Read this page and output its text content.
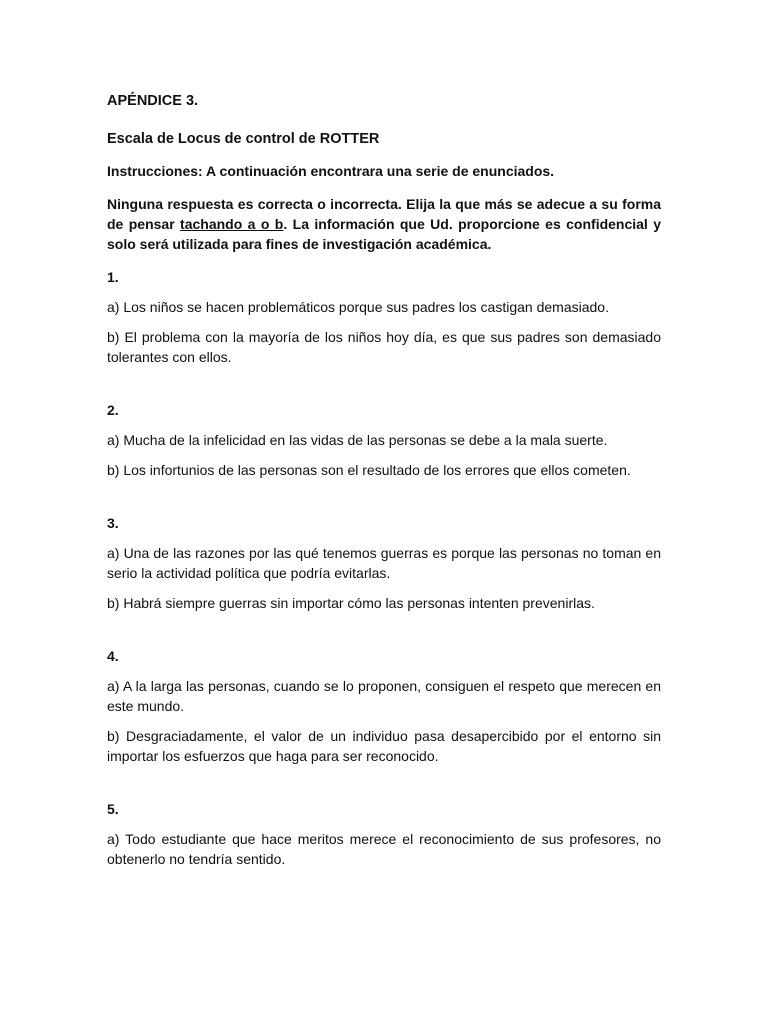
APÉNDICE 3.

Escala de Locus de control de ROTTER

Instrucciones: A continuación encontrara una serie de enunciados.

Ninguna respuesta es correcta o incorrecta. Elija la que más se adecue a su forma de pensar tachando a o b. La información que Ud. proporcione es confidencial y solo será utilizada para fines de investigación académica.

1.

a) Los niños se hacen problemáticos porque sus padres los castigan demasiado.

b) El problema con la mayoría de los niños hoy día, es que sus padres son demasiado tolerantes con ellos.

2.

a) Mucha de la infelicidad en las vidas de las personas se debe a la mala suerte.

b) Los infortunios de las personas son el resultado de los errores que ellos cometen.

3.

a) Una de las razones por las qué tenemos guerras es porque las personas no toman en serio la actividad política que podría evitarlas.

b) Habrá siempre guerras sin importar cómo las personas intenten prevenirlas.

4.

a) A la larga las personas, cuando se lo proponen, consiguen el respeto que merecen en este mundo.

b) Desgraciadamente, el valor de un individuo pasa desapercibido por el entorno sin importar los esfuerzos que haga para ser reconocido.

5.

a) Todo estudiante que hace meritos merece el reconocimiento de sus profesores, no obtenerlo no tendría sentido.
